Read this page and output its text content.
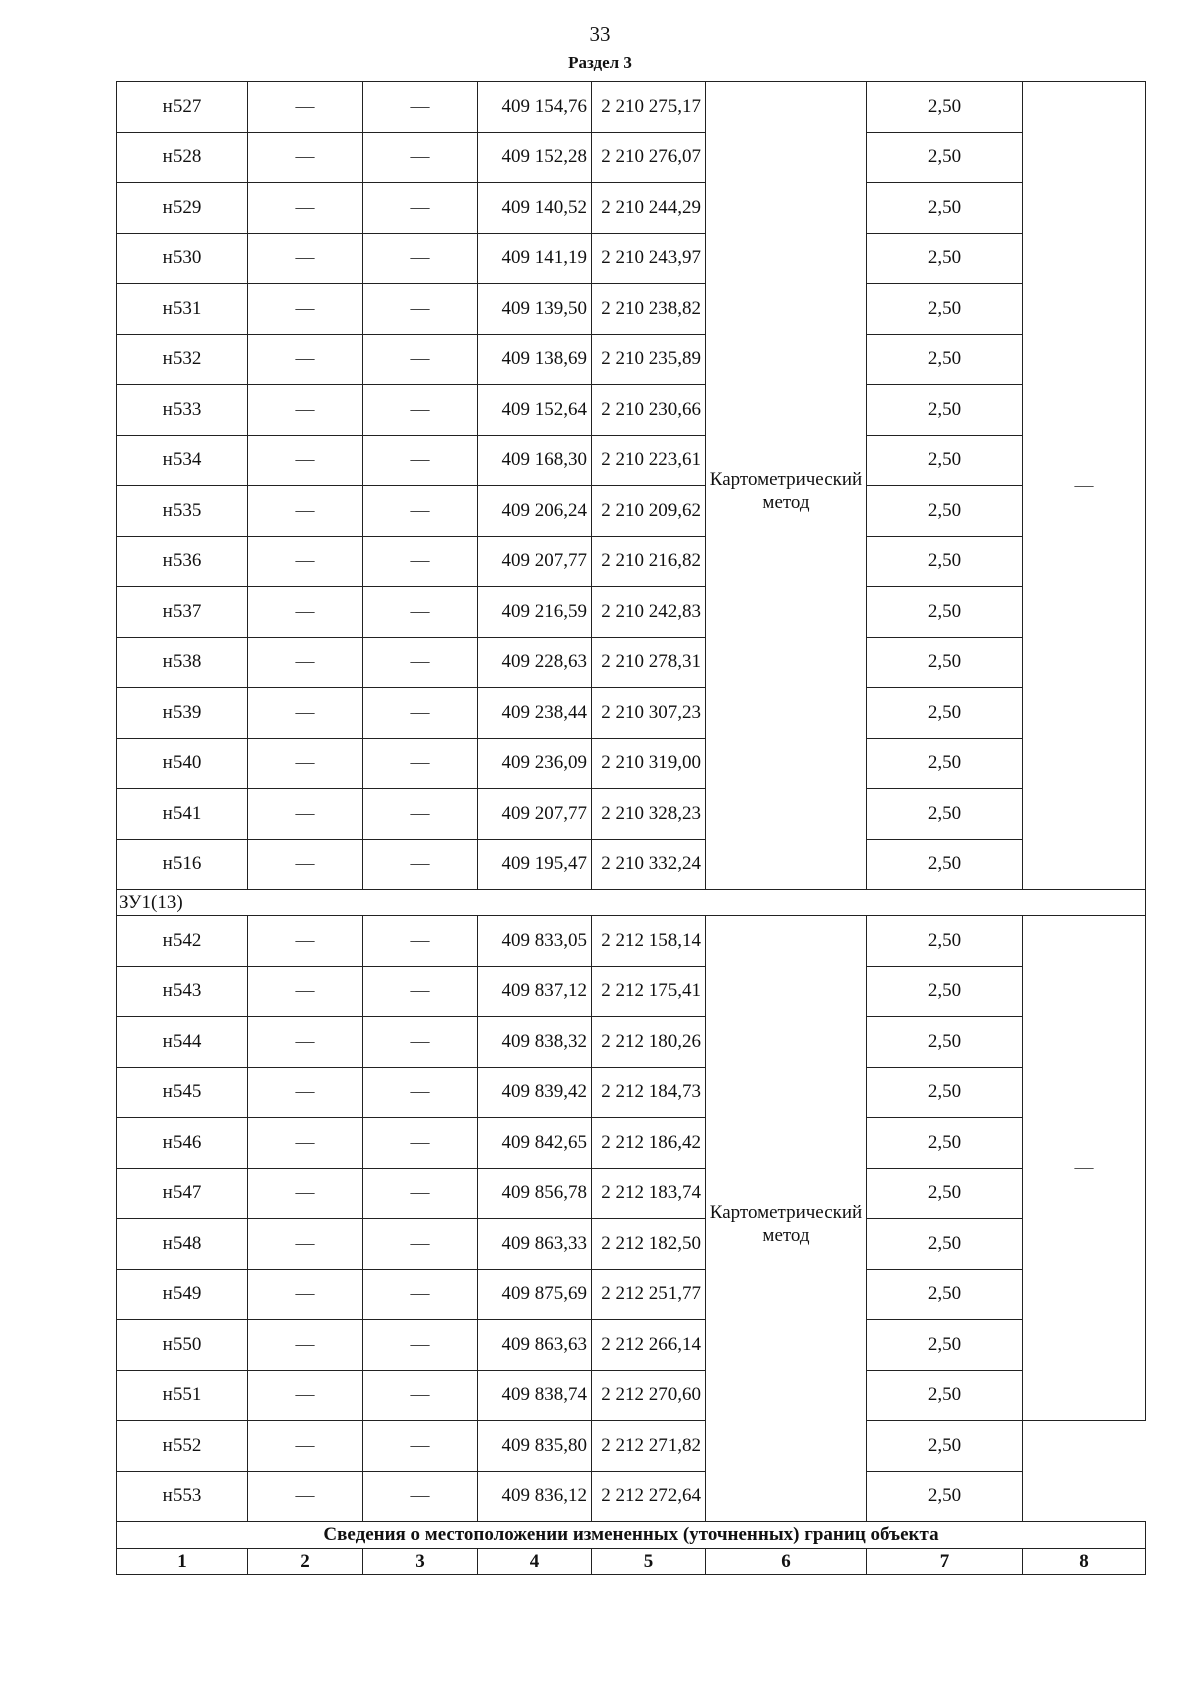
33
Раздел 3
н527	—	—	409 154,76	2 210 275,17	Картометрический метод	2,50	—
н528	—	—	409 152,28	2 210 276,07		2,50	
н529	—	—	409 140,52	2 210 244,29		2,50	
н530	—	—	409 141,19	2 210 243,97		2,50	
н531	—	—	409 139,50	2 210 238,82		2,50	
н532	—	—	409 138,69	2 210 235,89		2,50	
н533	—	—	409 152,64	2 210 230,66		2,50	
н534	—	—	409 168,30	2 210 223,61		2,50	
н535	—	—	409 206,24	2 210 209,62		2,50	
н536	—	—	409 207,77	2 210 216,82		2,50	
н537	—	—	409 216,59	2 210 242,83		2,50	
н538	—	—	409 228,63	2 210 278,31		2,50	
н539	—	—	409 238,44	2 210 307,23		2,50	
н540	—	—	409 236,09	2 210 319,00		2,50	
н541	—	—	409 207,77	2 210 328,23		2,50	
н516	—	—	409 195,47	2 210 332,24		2,50	
ЗУ1(13)							
н542	—	—	409 833,05	2 212 158,14	Картометрический метод	2,50	—
н543	—	—	409 837,12	2 212 175,41		2,50	
н544	—	—	409 838,32	2 212 180,26		2,50	
н545	—	—	409 839,42	2 212 184,73		2,50	
н546	—	—	409 842,65	2 212 186,42		2,50	
н547	—	—	409 856,78	2 212 183,74		2,50	
н548	—	—	409 863,33	2 212 182,50		2,50	
н549	—	—	409 875,69	2 212 251,77		2,50	
н550	—	—	409 863,63	2 212 266,14		2,50	
н551	—	—	409 838,74	2 212 270,60		2,50	
н552	—	—	409 835,80	2 212 271,82		2,50	
н553	—	—	409 836,12	2 212 272,64		2,50	
Сведения о местоположении измененных (уточненных) границ объекта							
1	2	3	4	5	6	7	8
